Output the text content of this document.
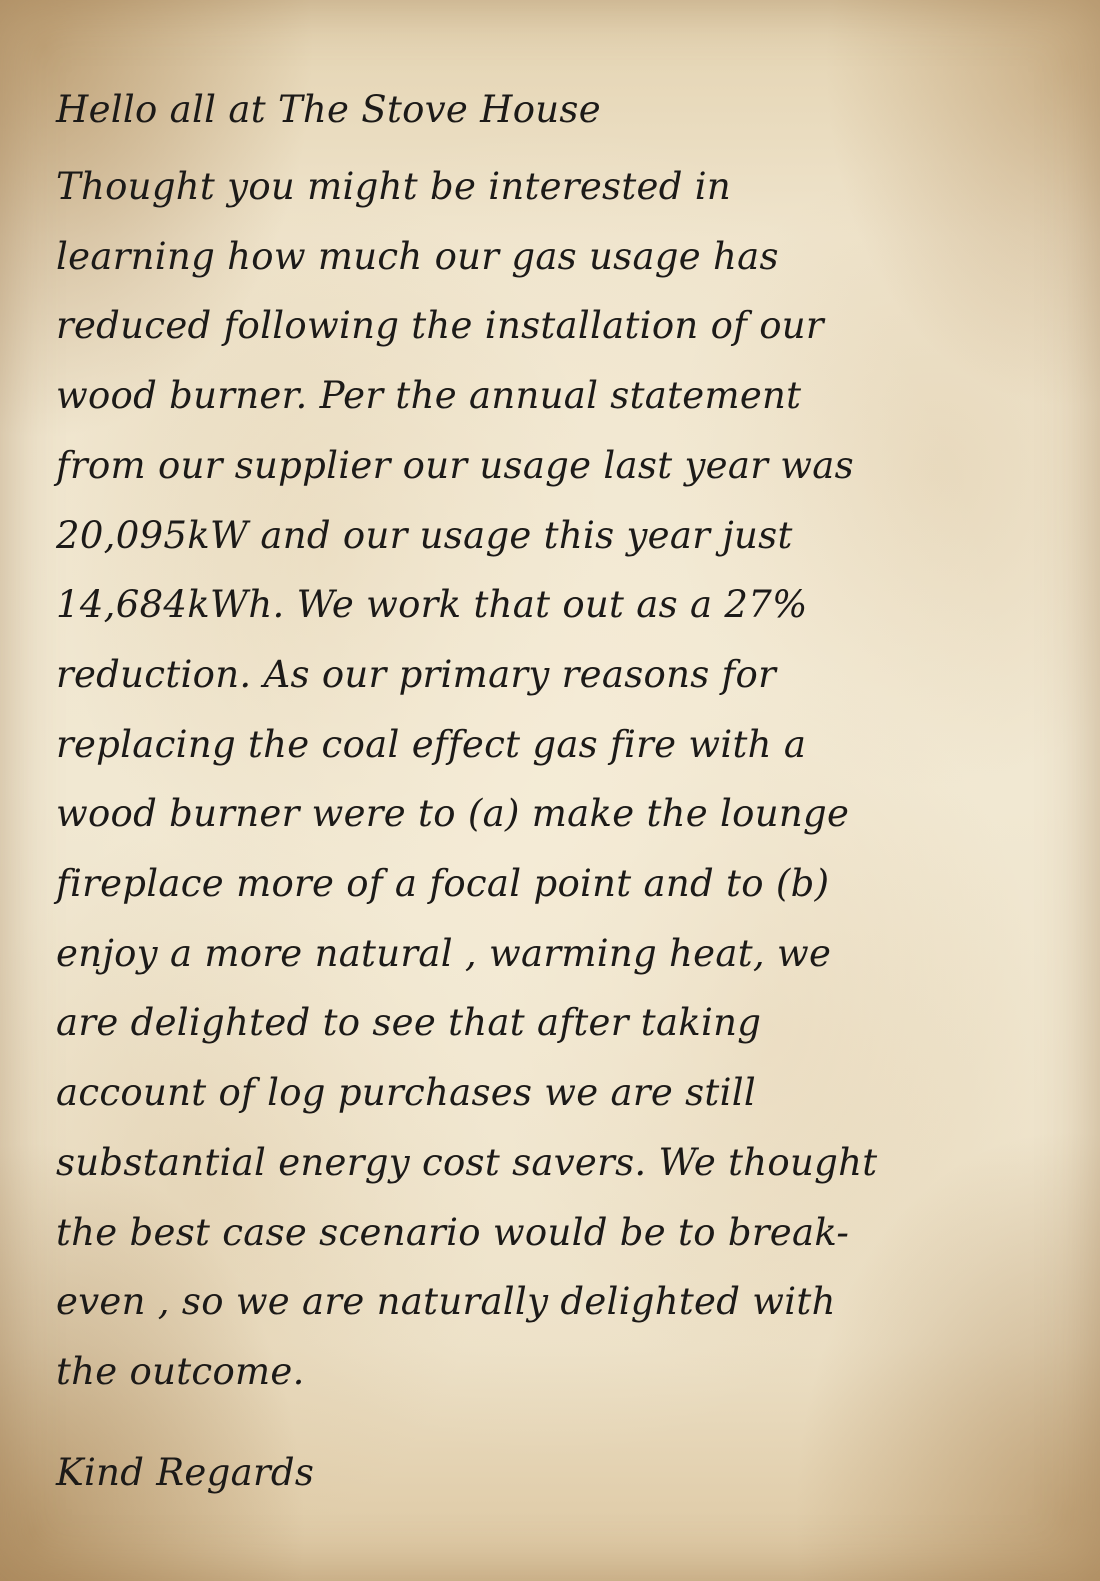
Hello all at The Stove House
Thought you might be interested in
learning how much our gas usage has
reduced following the installation of our
wood burner. Per the annual statement
from our supplier our usage last year was
20,095kW and our usage this year just
14,684kWh. We work that out as a 27%
reduction. As our primary reasons for
replacing the coal effect gas fire with a
wood burner were to (a) make the lounge
fireplace more of a focal point and to (b)
enjoy a more natural , warming heat, we
are delighted to see that after taking
account of log purchases we are still
substantial energy cost savers. We thought
the best case scenario would be to break-
even , so we are naturally delighted with
the outcome.
Kind Regards
